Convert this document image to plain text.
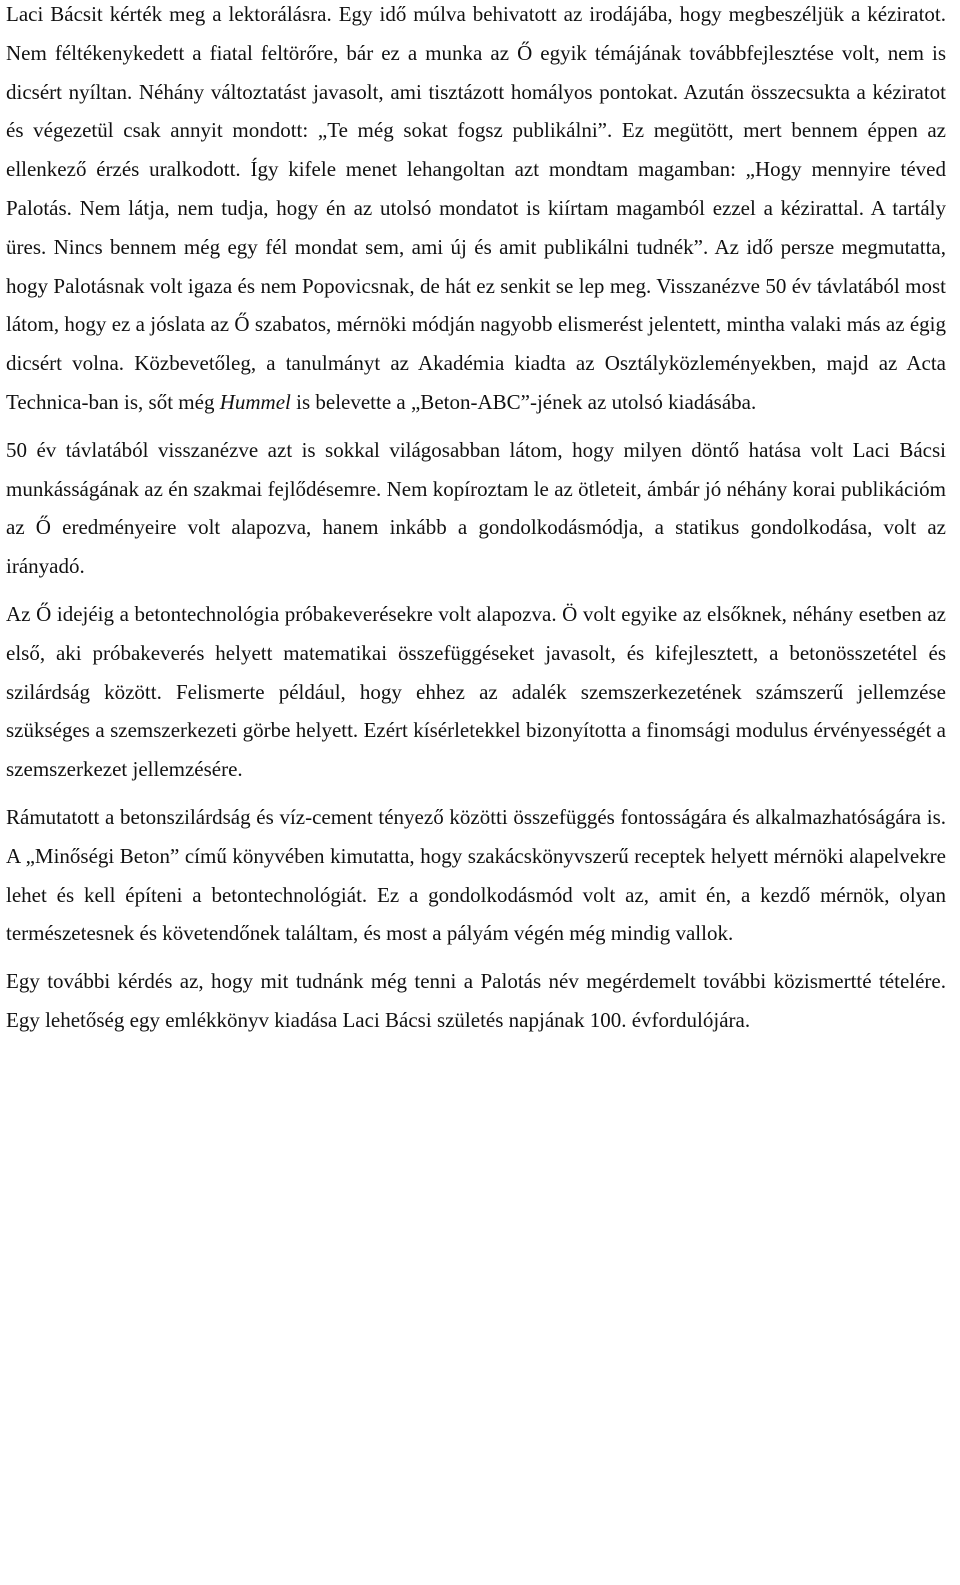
Laci Bácsit kérték meg a lektorálásra. Egy idő múlva behivatott az irodájába, hogy megbeszéljük a kéziratot. Nem féltékenykedett a fiatal feltörőre, bár ez a munka az Ő egyik témájának továbbfejlesztése volt, nem is dicsért nyíltan. Néhány változtatást javasolt, ami tisztázott homályos pontokat. Azután összecsukta a kéziratot és végezetül csak annyit mondott: „Te még sokat fogsz publikálni”. Ez megütött, mert bennem éppen az ellenkező érzés uralkodott. Így kifele menet lehangoltan azt mondtam magamban: „Hogy mennyire téved Palotás. Nem látja, nem tudja, hogy én az utolsó mondatot is kiírtam magamból ezzel a kézirattal. A tartály üres. Nincs bennem még egy fél mondat sem, ami új és amit publikálni tudnék”. Az idő persze megmutatta, hogy Palotásnak volt igaza és nem Popovicsnak, de hát ez senkit se lep meg. Visszanézve 50 év távlatából most látom, hogy ez a jóslata az Ő szabatos, mérnöki módján nagyobb elismerést jelentett, mintha valaki más az égig dicsért volna. Közbevetőleg, a tanulmányt az Akadémia kiadta az Osztályközleményekben, majd az Acta Technica-ban is, sőt még Hummel is belevette a „Beton-ABC”-jének az utolsó kiadásába.

50 év távlatából visszanézve azt is sokkal világosabban látom, hogy milyen döntő hatása volt Laci Bácsi munkásságának az én szakmai fejlődésemre. Nem kopíroztam le az ötleteit, ámbár jó néhány korai publikációm az Ő eredményeire volt alapozva, hanem inkább a gondolkodásmódja, a statikus gondolkodása, volt az irányadó.

Az Ő idejéig a betontechnológia próbakeverésekre volt alapozva. Ö volt egyike az elsőknek, néhány esetben az első, aki próbakeverés helyett matematikai összefüggéseket javasolt, és kifejlesztett, a betonösszetétel és szilárdság között. Felismerte például, hogy ehhez az adalék szemszerkezetének számszerű jellemzése szükséges a szemszerkezeti görbe helyett. Ezért kísérletekkel bizonyította a finomsági modulus érvényességét a szemszerkezet jellemzésére.

Rámutatott a betonszilárdság és víz-cement tényező közötti összefüggés fontosságára és alkalmazhatóságára is. A „Minőségi Beton” című könyvében kimutatta, hogy szakácskönyvszerű receptek helyett mérnöki alapelvekre lehet és kell építeni a betontechnológiát. Ez a gondolkodásmód volt az, amit én, a kezdő mérnök, olyan természetesnek és követendőnek találtam, és most a pályám végén még mindig vallok.

Egy további kérdés az, hogy mit tudnánk még tenni a Palotás név megérdemelt további közismertté tételére. Egy lehetőség egy emlékkönyv kiadása Laci Bácsi születés napjának 100. évfordulójára.
